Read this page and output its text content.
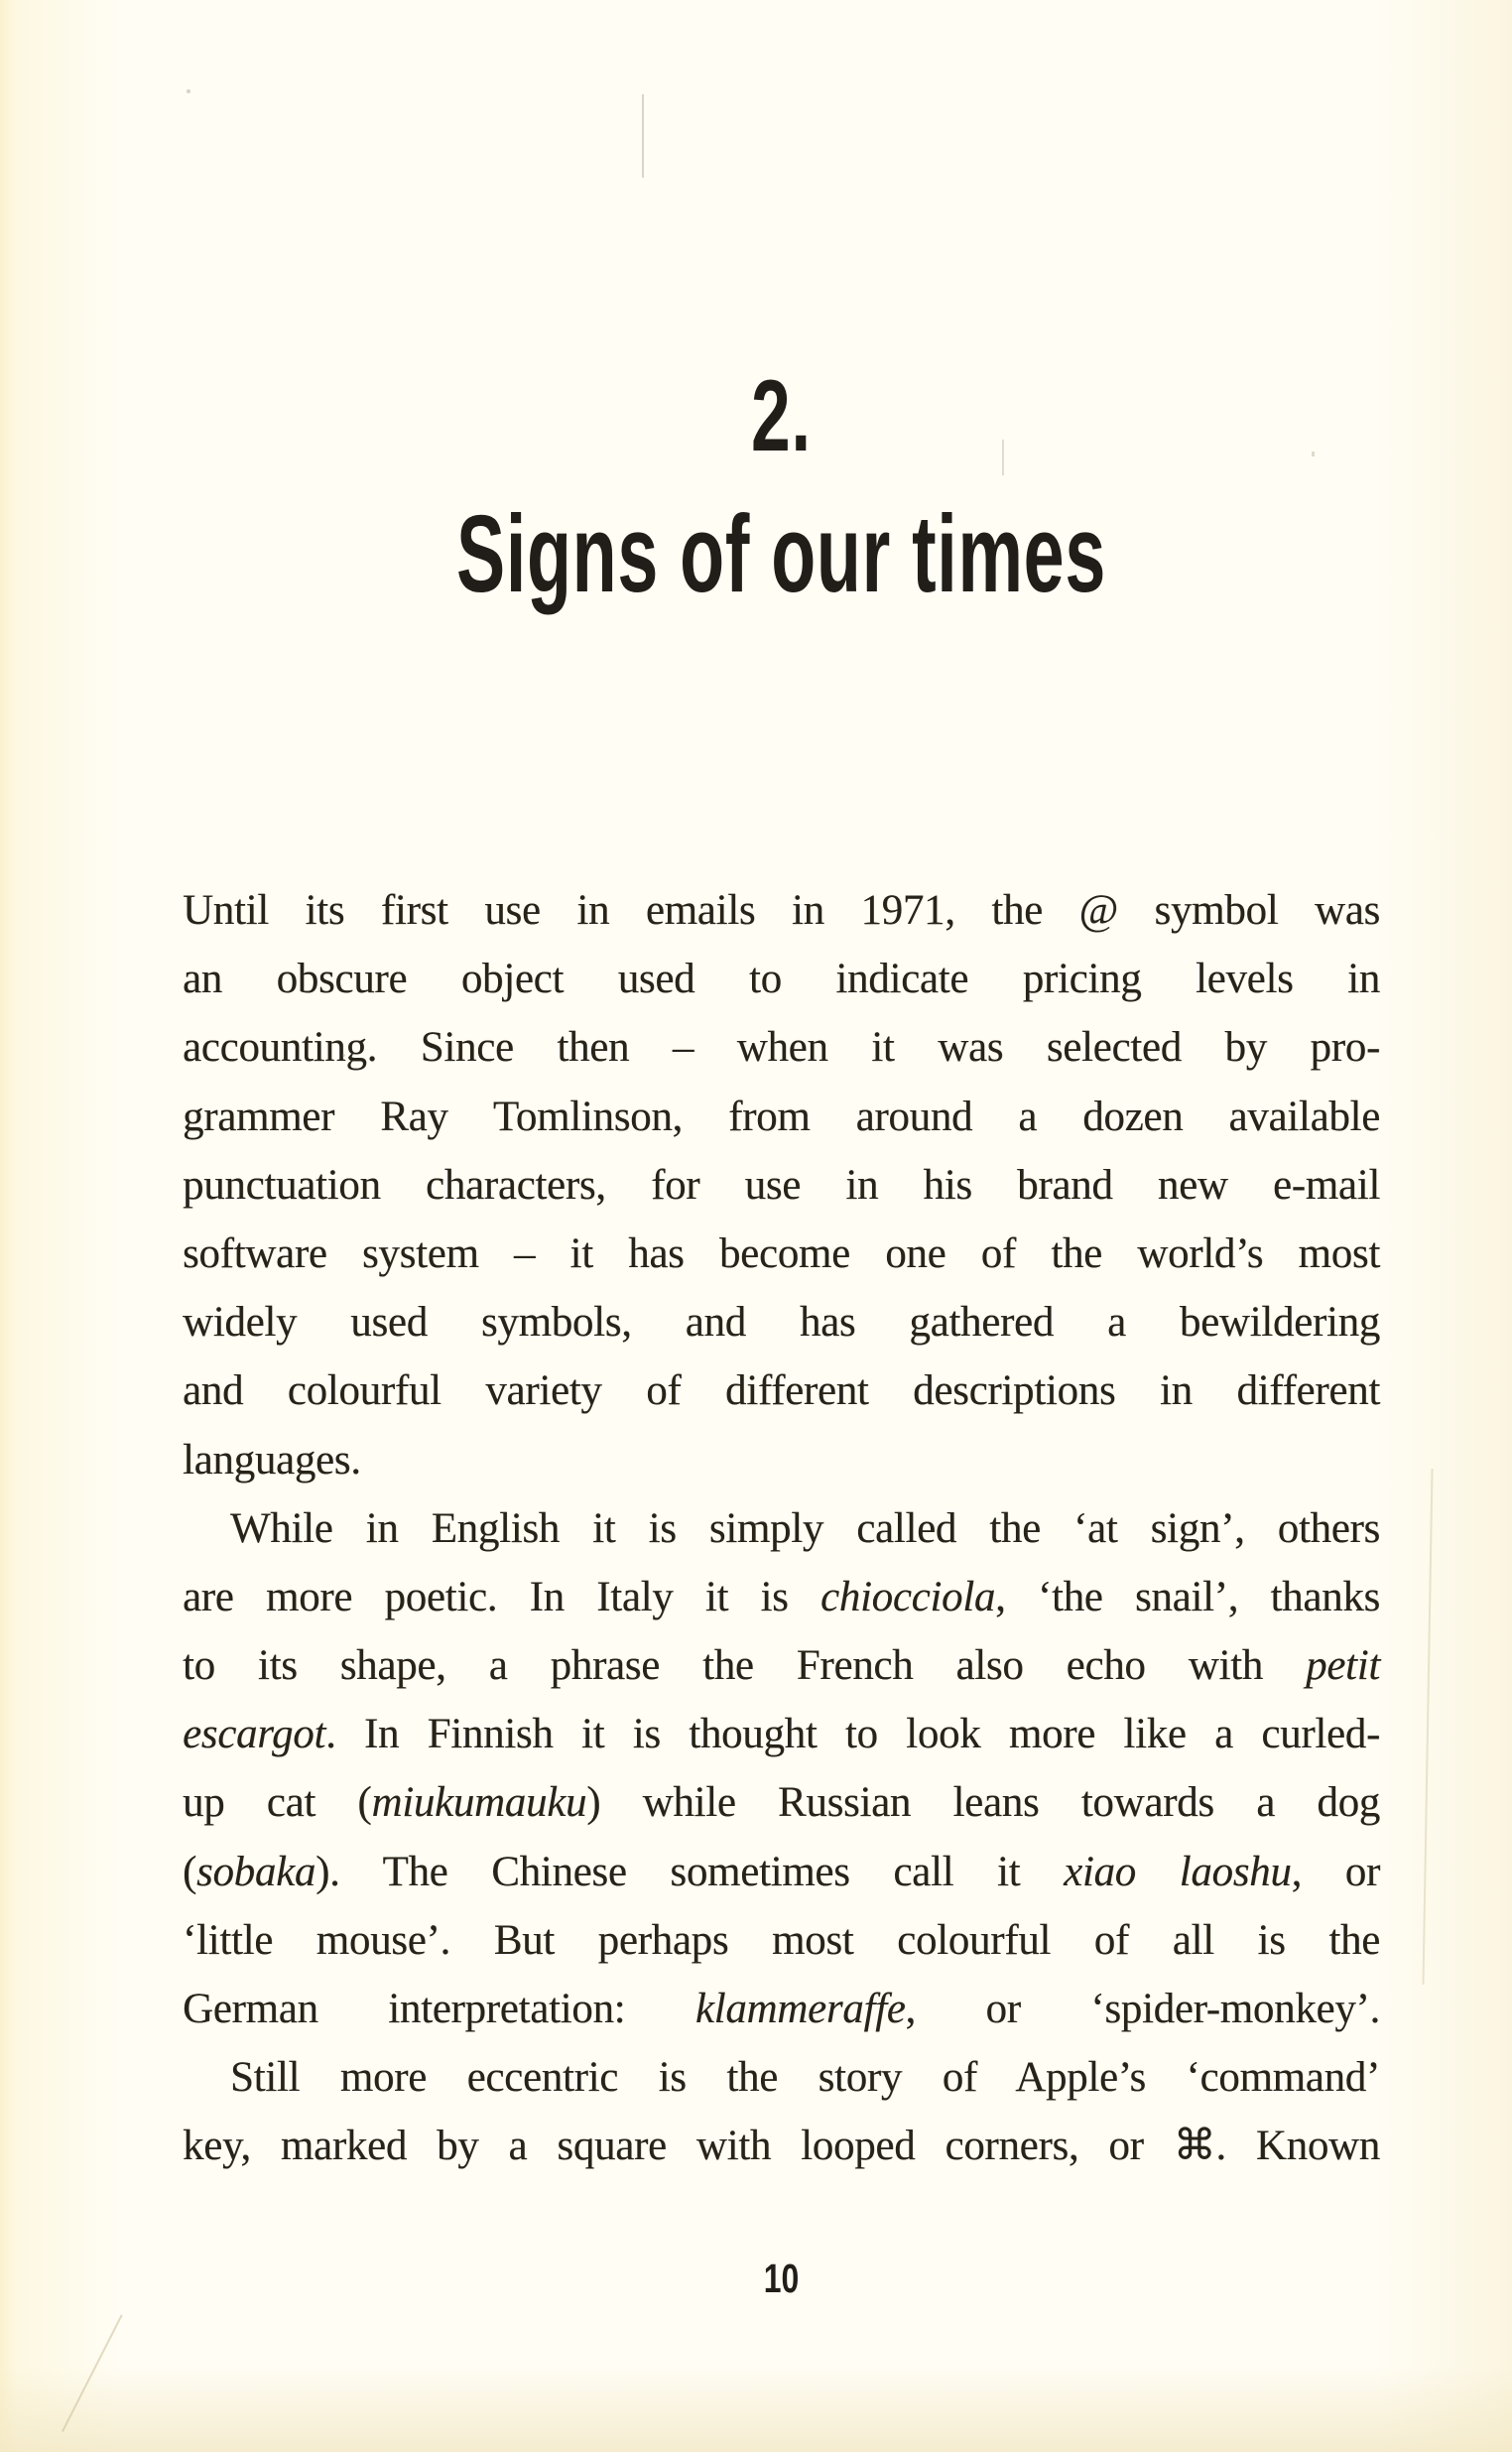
2.
Signs of our times
Until its first use in emails in 1971, the @ symbol was
an obscure object used to indicate pricing levels in
accounting. Since then – when it was selected by pro-
grammer Ray Tomlinson, from around a dozen available
punctuation characters, for use in his brand new e-mail
software system – it has become one of the world’s most
widely used symbols, and has gathered a bewildering
and colourful variety of different descriptions in different
languages.
While in English it is simply called the ‘at sign’, others
are more poetic. In Italy it is chiocciola, ‘the snail’, thanks
to its shape, a phrase the French also echo with petit
escargot. In Finnish it is thought to look more like a curled-
up cat (miukumauku) while Russian leans towards a dog
(sobaka). The Chinese sometimes call it xiao laoshu, or
‘little mouse’. But perhaps most colourful of all is the
German interpretation: klammeraffe, or ‘spider-monkey’.
Still more eccentric is the story of Apple’s ‘command’
key, marked by a square with looped corners, or ⌘. Known
10
